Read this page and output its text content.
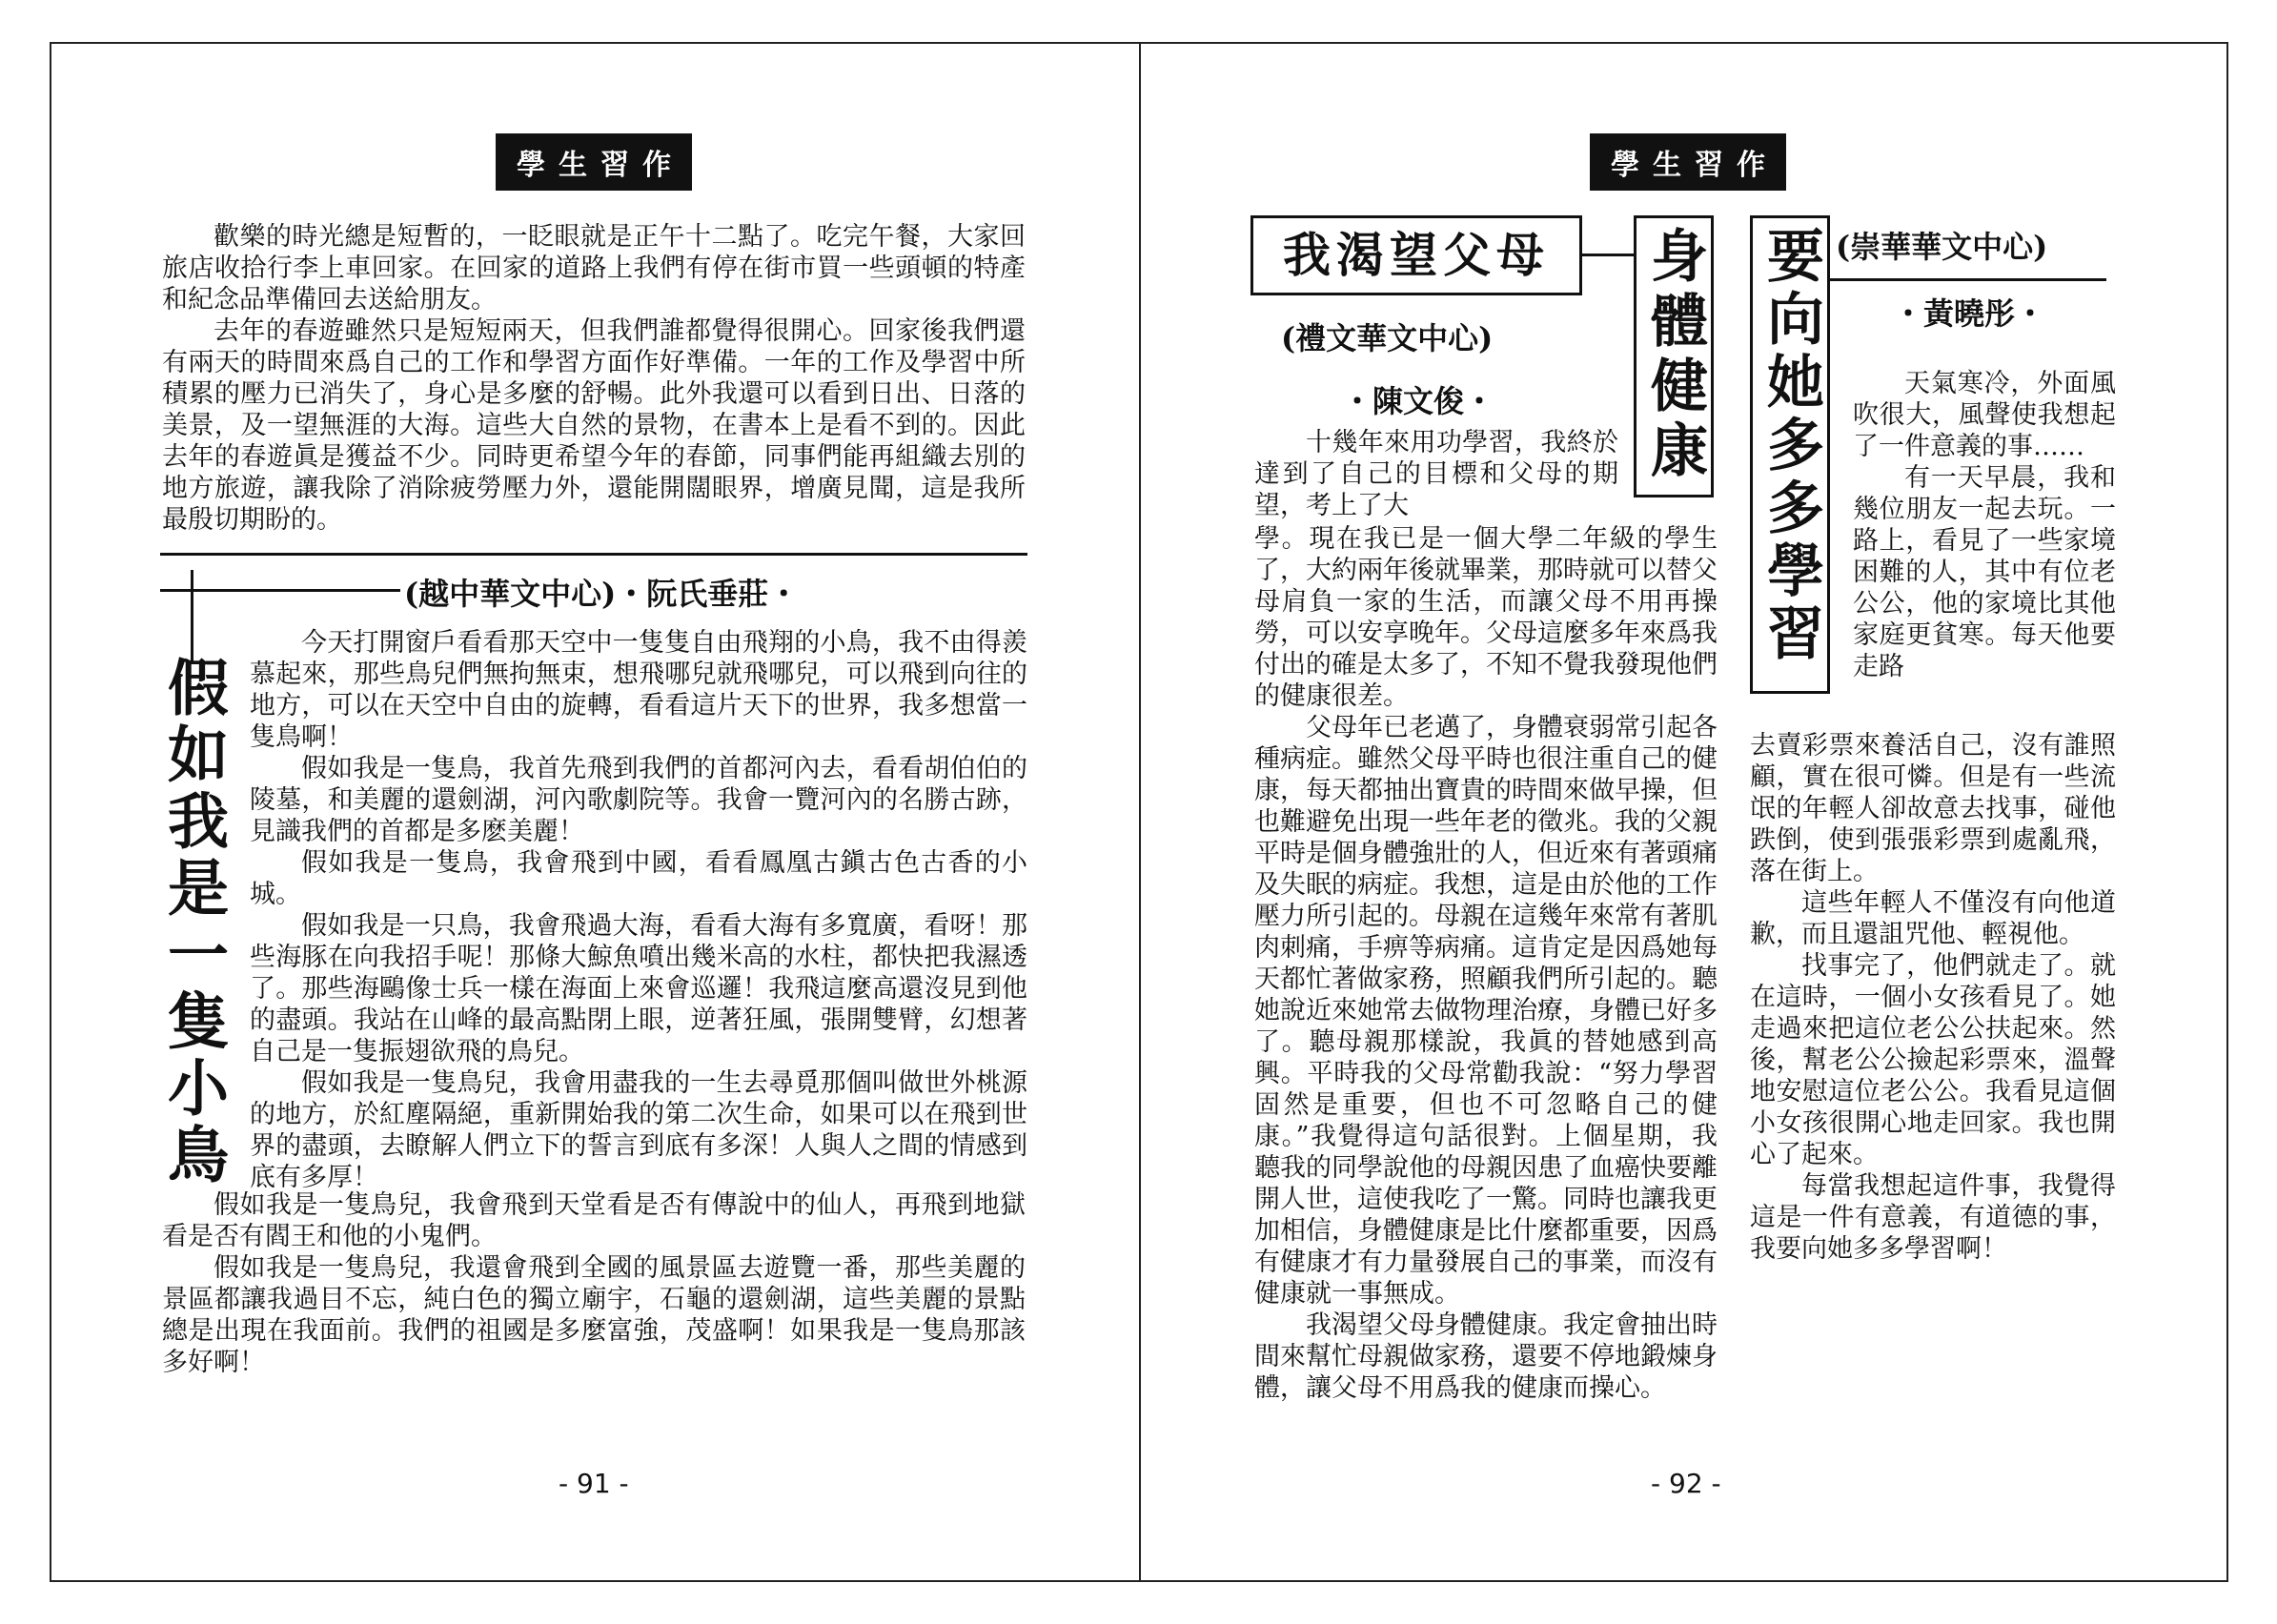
學生習作

歡樂的時光總是短暫的，一眨眼就是正午十二點了。吃完午餐，大家回旅店收拾行李上車回家。在回家的道路上我們有停在街市買一些頭頓的特產和紀念品準備回去送給朋友。

去年的春遊雖然只是短短兩天，但我們誰都覺得很開心。回家後我們還有兩天的時間來爲自己的工作和學習方面作好準備。一年的工作及學習中所積累的壓力已消失了，身心是多麼的舒暢。此外我還可以看到日出、日落的美景，及一望無涯的大海。這些大自然的景物，在書本上是看不到的。因此去年的春遊眞是獲益不少。同時更希望今年的春節，同事們能再組織去別的地方旅遊，讓我除了消除疲勞壓力外，還能開闊眼界，增廣見聞，這是我所最殷切期盼的。

(越中華文中心)・阮氏垂莊・
假如我是一隻小鳥

今天打開窗戶看看那天空中一隻隻自由飛翔的小鳥，我不由得羨慕起來，那些鳥兒們無拘無束，想飛哪兒就飛哪兒，可以飛到向往的地方，可以在天空中自由的旋轉，看看這片天下的世界，我多想當一隻鳥啊！

假如我是一隻鳥，我首先飛到我們的首都河內去，看看胡伯伯的陵墓，和美麗的還劍湖，河內歌劇院等。我會一覽河內的名勝古跡，見識我們的首都是多麽美麗！

假如我是一隻鳥，我會飛到中國，看看鳳凰古鎭古色古香的小城。

假如我是一只鳥，我會飛過大海，看看大海有多寬廣，看呀！那些海豚在向我招手呢！那條大鯨魚噴出幾米高的水柱，都快把我濕透了。那些海鷗像士兵一樣在海面上來會巡邏！我飛這麼高還沒見到他的盡頭。我站在山峰的最高點閉上眼，逆著狂風，張開雙臂，幻想著自己是一隻振翅欲飛的鳥兒。

假如我是一隻鳥兒，我會用盡我的一生去尋覓那個叫做世外桃源的地方，於紅塵隔絕，重新開始我的第二次生命，如果可以在飛到世界的盡頭，去瞭解人們立下的誓言到底有多深！人與人之間的情感到底有多厚！

假如我是一隻鳥兒，我會飛到天堂看是否有傳說中的仙人，再飛到地獄看是否有閻王和他的小鬼們。

假如我是一隻鳥兒，我還會飛到全國的風景區去遊覽一番，那些美麗的景區都讓我過目不忘，純白色的獨立廟宇，石龜的還劍湖，這些美麗的景點總是出現在我面前。我們的祖國是多麼富強，茂盛啊！如果我是一隻鳥那該多好啊！

- 91 -
學生習作
我渴望父母	身體健康
(禮文華文中心)
・陳文俊・

十幾年來用功學習，我終於達到了自己的目標和父母的期望，考上了大

學。現在我已是一個大學二年級的學生了，大約兩年後就畢業，那時就可以替父母肩負一家的生活，而讓父母不用再操勞，可以安享晚年。父母這麼多年來爲我付出的確是太多了，不知不覺我發現他們的健康很差。

父母年已老邁了，身體衰弱常引起各種病症。雖然父母平時也很注重自己的健康，每天都抽出寶貴的時間來做早操，但也難避免出現一些年老的徵兆。我的父親平時是個身體強壯的人，但近來有著頭痛及失眠的病症。我想，這是由於他的工作壓力所引起的。母親在這幾年來常有著肌肉刺痛，手痹等病痛。這肯定是因爲她每天都忙著做家務，照顧我們所引起的。聽她說近來她常去做物理治療，身體已好多了。聽母親那樣說，我眞的替她感到高興。平時我的父母常勸我說：“努力學習固然是重要，但也不可忽略自己的健康。”我覺得這句話很對。上個星期，我聽我的同學說他的母親因患了血癌快要離開人世，這使我吃了一驚。同時也讓我更加相信，身體健康是比什麼都重要，因爲有健康才有力量發展自己的事業，而沒有健康就一事無成。

我渴望父母身體健康。我定會抽出時間來幫忙母親做家務，還要不停地鍛煉身體，讓父母不用爲我的健康而操心。

要向她多多學習 (崇華華文中心)
・黃曉彤・

天氣寒冷，外面風吹很大，風聲使我想起了一件意義的事……

有一天早晨，我和幾位朋友一起去玩。一路上，看見了一些家境困難的人，其中有位老公公，他的家境比其他家庭更貧寒。每天他要走路

去賣彩票來養活自己，沒有誰照顧，實在很可憐。但是有一些流氓的年輕人卻故意去找事，碰他跌倒，使到張張彩票到處亂飛，落在街上。

這些年輕人不僅沒有向他道歉，而且還詛咒他、輕視他。

找事完了，他們就走了。就在這時，一個小女孩看見了。她走過來把這位老公公扶起來。然後，幫老公公撿起彩票來，溫聲地安慰這位老公公。我看見這個小女孩很開心地走回家。我也開心了起來。

每當我想起這件事，我覺得這是一件有意義，有道德的事，我要向她多多學習啊！

- 92 -
